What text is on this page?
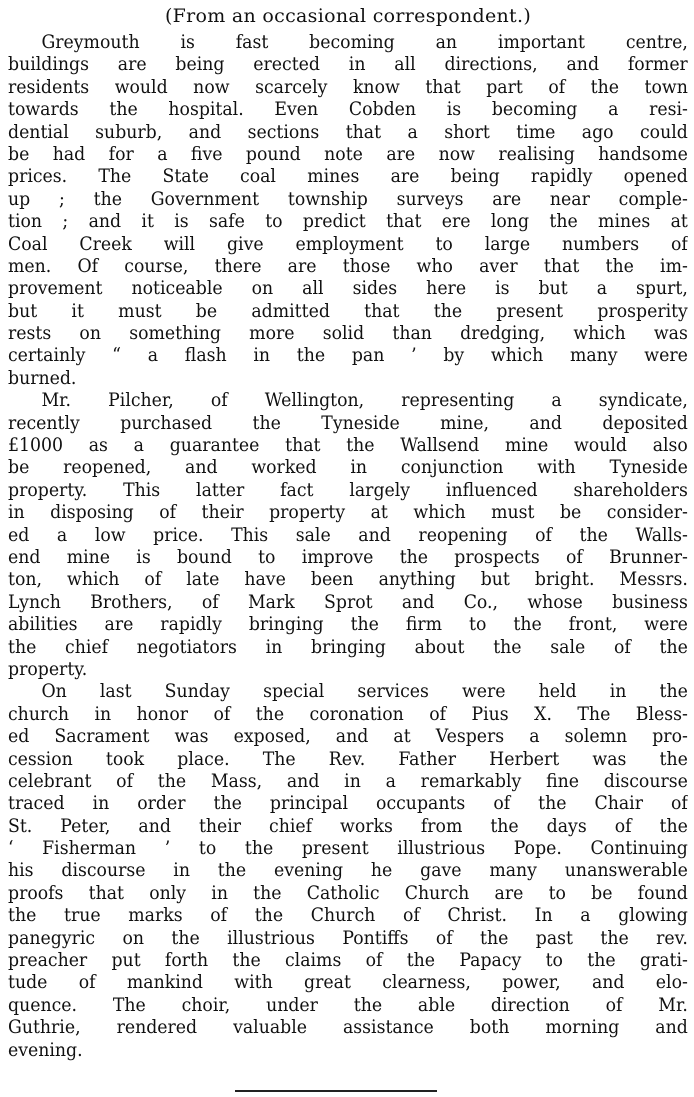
(From an occasional correspondent.)
Greymouth is fast becoming an important centre,
buildings are being erected in all directions, and former
residents would now scarcely know that part of the town
towards the hospital. Even Cobden is becoming a resi-
dential suburb, and sections that a short time ago could
be had for a five pound note are now realising handsome
prices. The State coal mines are being rapidly opened
up ; the Government township surveys are near comple-
tion ; and it is safe to predict that ere long the mines at
Coal Creek will give employment to large numbers of
men. Of course, there are those who aver that the im-
provement noticeable on all sides here is but a spurt,
but it must be admitted that the present prosperity
rests on something more solid than dredging, which was
certainly “ a flash in the pan ’ by which many were
burned.
Mr. Pilcher, of Wellington, representing a syndicate,
recently purchased the Tyneside mine, and deposited
£1000 as a guarantee that the Wallsend mine would also
be reopened, and worked in conjunction with Tyneside
property. This latter fact largely influenced shareholders
in disposing of their property at which must be consider-
ed a low price. This sale and reopening of the Walls-
end mine is bound to improve the prospects of Brunner-
ton, which of late have been anything but bright. Messrs.
Lynch Brothers, of Mark Sprot and Co., whose business
abilities are rapidly bringing the firm to the front, were
the chief negotiators in bringing about the sale of the
property.
On last Sunday special services were held in the
church in honor of the coronation of Pius X. The Bless-
ed Sacrament was exposed, and at Vespers a solemn pro-
cession took place. The Rev. Father Herbert was the
celebrant of the Mass, and in a remarkably fine discourse
traced in order the principal occupants of the Chair of
St. Peter, and their chief works from the days of the
‘ Fisherman ’ to the present illustrious Pope. Continuing
his discourse in the evening he gave many unanswerable
proofs that only in the Catholic Church are to be found
the true marks of the Church of Christ. In a glowing
panegyric on the illustrious Pontiffs of the past the rev.
preacher put forth the claims of the Papacy to the grati-
tude of mankind with great clearness, power, and elo-
quence. The choir, under the able direction of Mr.
Guthrie, rendered valuable assistance both morning and
evening.
